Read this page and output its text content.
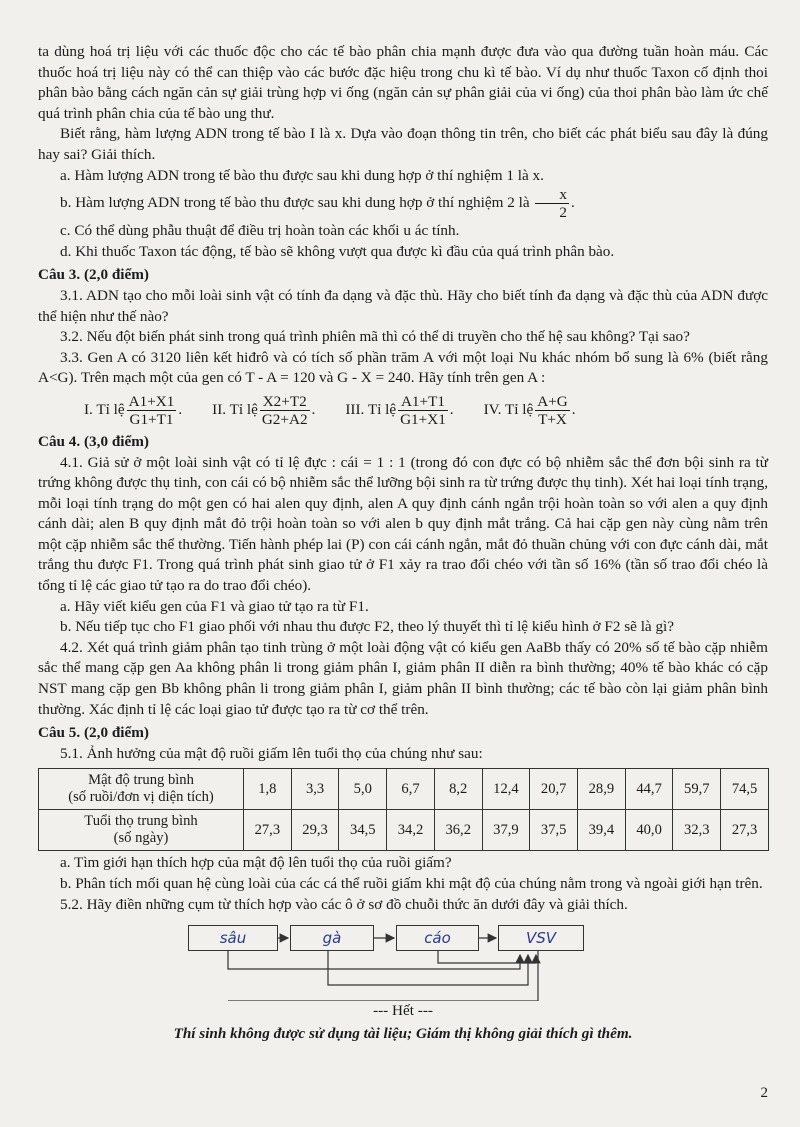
ta dùng hoá trị liệu với các thuốc độc cho các tế bào phân chia mạnh được đưa vào qua đường tuần hoàn máu. Các thuốc hoá trị liệu này có thể can thiệp vào các bước đặc hiệu trong chu kì tế bào. Ví dụ như thuốc Taxon cố định thoi phân bào bằng cách ngăn cản sự giải trùng hợp vi ống (ngăn cản sự phân giải của vi ống) của thoi phân bào làm ức chế quá trình phân chia của tế bào ung thư.

Biết rằng, hàm lượng ADN trong tế bào I là x. Dựa vào đoạn thông tin trên, cho biết các phát biểu sau đây là đúng hay sai? Giải thích.

a. Hàm lượng ADN trong tế bào thu được sau khi dung hợp ở thí nghiệm 1 là x.

b. Hàm lượng ADN trong tế bào thu được sau khi dung hợp ở thí nghiệm 2 là $\frac{x}{2}$ .

c. Có thể dùng phẫu thuật để điều trị hoàn toàn các khối u ác tính.

d. Khi thuốc Taxon tác động, tế bào sẽ không vượt qua được kì đầu của quá trình phân bào.

Câu 3. (2,0 điểm)

3.1. ADN tạo cho mỗi loài sinh vật có tính đa dạng và đặc thù. Hãy cho biết tính đa dạng và đặc thù của ADN được thể hiện như thế nào?

3.2. Nếu đột biến phát sinh trong quá trình phiên mã thì có thể di truyền cho thế hệ sau không? Tại sao?

3.3. Gen A có 3120 liên kết hiđrô và có tích số phần trăm A với một loại Nu khác nhóm bổ sung là 6% (biết rằng A<G). Trên mạch một của gen có T - A = 120 và G - X = 240. Hãy tính trên gen A :

I. Tỉ lệ $\frac{A1+X1}{G1+T1}$ . II. Tỉ lệ $\frac{X2+T2}{G2+A2}$ . III. Tỉ lệ $\frac{A1+T1}{G1+X1}$ . IV. Tỉ lệ $\frac{A+G}{T+X}$ .

Câu 4. (3,0 điểm)

4.1. Giả sử ở một loài sinh vật có tỉ lệ đực : cái = 1 : 1 (trong đó con đực có bộ nhiễm sắc thể đơn bội sinh ra từ trứng không được thụ tinh, con cái có bộ nhiễm sắc thể lưỡng bội sinh ra từ trứng được thụ tinh). Xét hai loại tính trạng, mỗi loại tính trạng do một gen có hai alen quy định, alen A quy định cánh ngắn trội hoàn toàn so với alen a quy định cánh dài; alen B quy định mắt đỏ trội hoàn toàn so với alen b quy định mắt trắng. Cả hai cặp gen này cùng nằm trên một cặp nhiễm sắc thể thường. Tiến hành phép lai (P) con cái cánh ngắn, mắt đỏ thuần chủng với con đực cánh dài, mắt trắng thu được F1. Trong quá trình phát sinh giao tử ở F1 xảy ra trao đổi chéo với tần số 16% (tần số trao đổi chéo là tổng tỉ lệ các giao tử tạo ra do trao đổi chéo).

a. Hãy viết kiểu gen của F1 và giao tử tạo ra từ F1.

b. Nếu tiếp tục cho F1 giao phối với nhau thu được F2, theo lý thuyết thì tỉ lệ kiểu hình ở F2 sẽ là gì?

4.2. Xét quá trình giảm phân tạo tinh trùng ở một loài động vật có kiểu gen AaBb thấy có 20% số tế bào cặp nhiễm sắc thể mang cặp gen Aa không phân li trong giảm phân I, giảm phân II diễn ra bình thường; 40% tế bào khác có cặp NST mang cặp gen Bb không phân li trong giảm phân I, giảm phân II bình thường; các tế bào còn lại giảm phân bình thường. Xác định tỉ lệ các loại giao tử được tạo ra từ cơ thể trên.

Câu 5. (2,0 điểm)

5.1. Ảnh hưởng của mật độ ruồi giấm lên tuổi thọ của chúng như sau:

Mật độ trung bình
(số ruồi/đơn vị diện tích)	1,8	3,3	5,0	6,7	8,2	12,4	20,7	28,9	44,7	59,7	74,5
Tuổi thọ trung bình
(số ngày)	27,3	29,3	34,5	34,2	36,2	37,9	37,5	39,4	40,0	32,3	27,3

a. Tìm giới hạn thích hợp của mật độ lên tuổi thọ của ruồi giấm?

b. Phân tích mối quan hệ cùng loài của các cá thể ruồi giấm khi mật độ của chúng nằm trong và ngoài giới hạn trên.

5.2. Hãy điền những cụm từ thích hợp vào các ô ở sơ đồ chuỗi thức ăn dưới đây và giải thích.

sâu	gà	cáo	VSV

--- Hết ---

Thí sinh không được sử dụng tài liệu; Giám thị không giải thích gì thêm.

2
